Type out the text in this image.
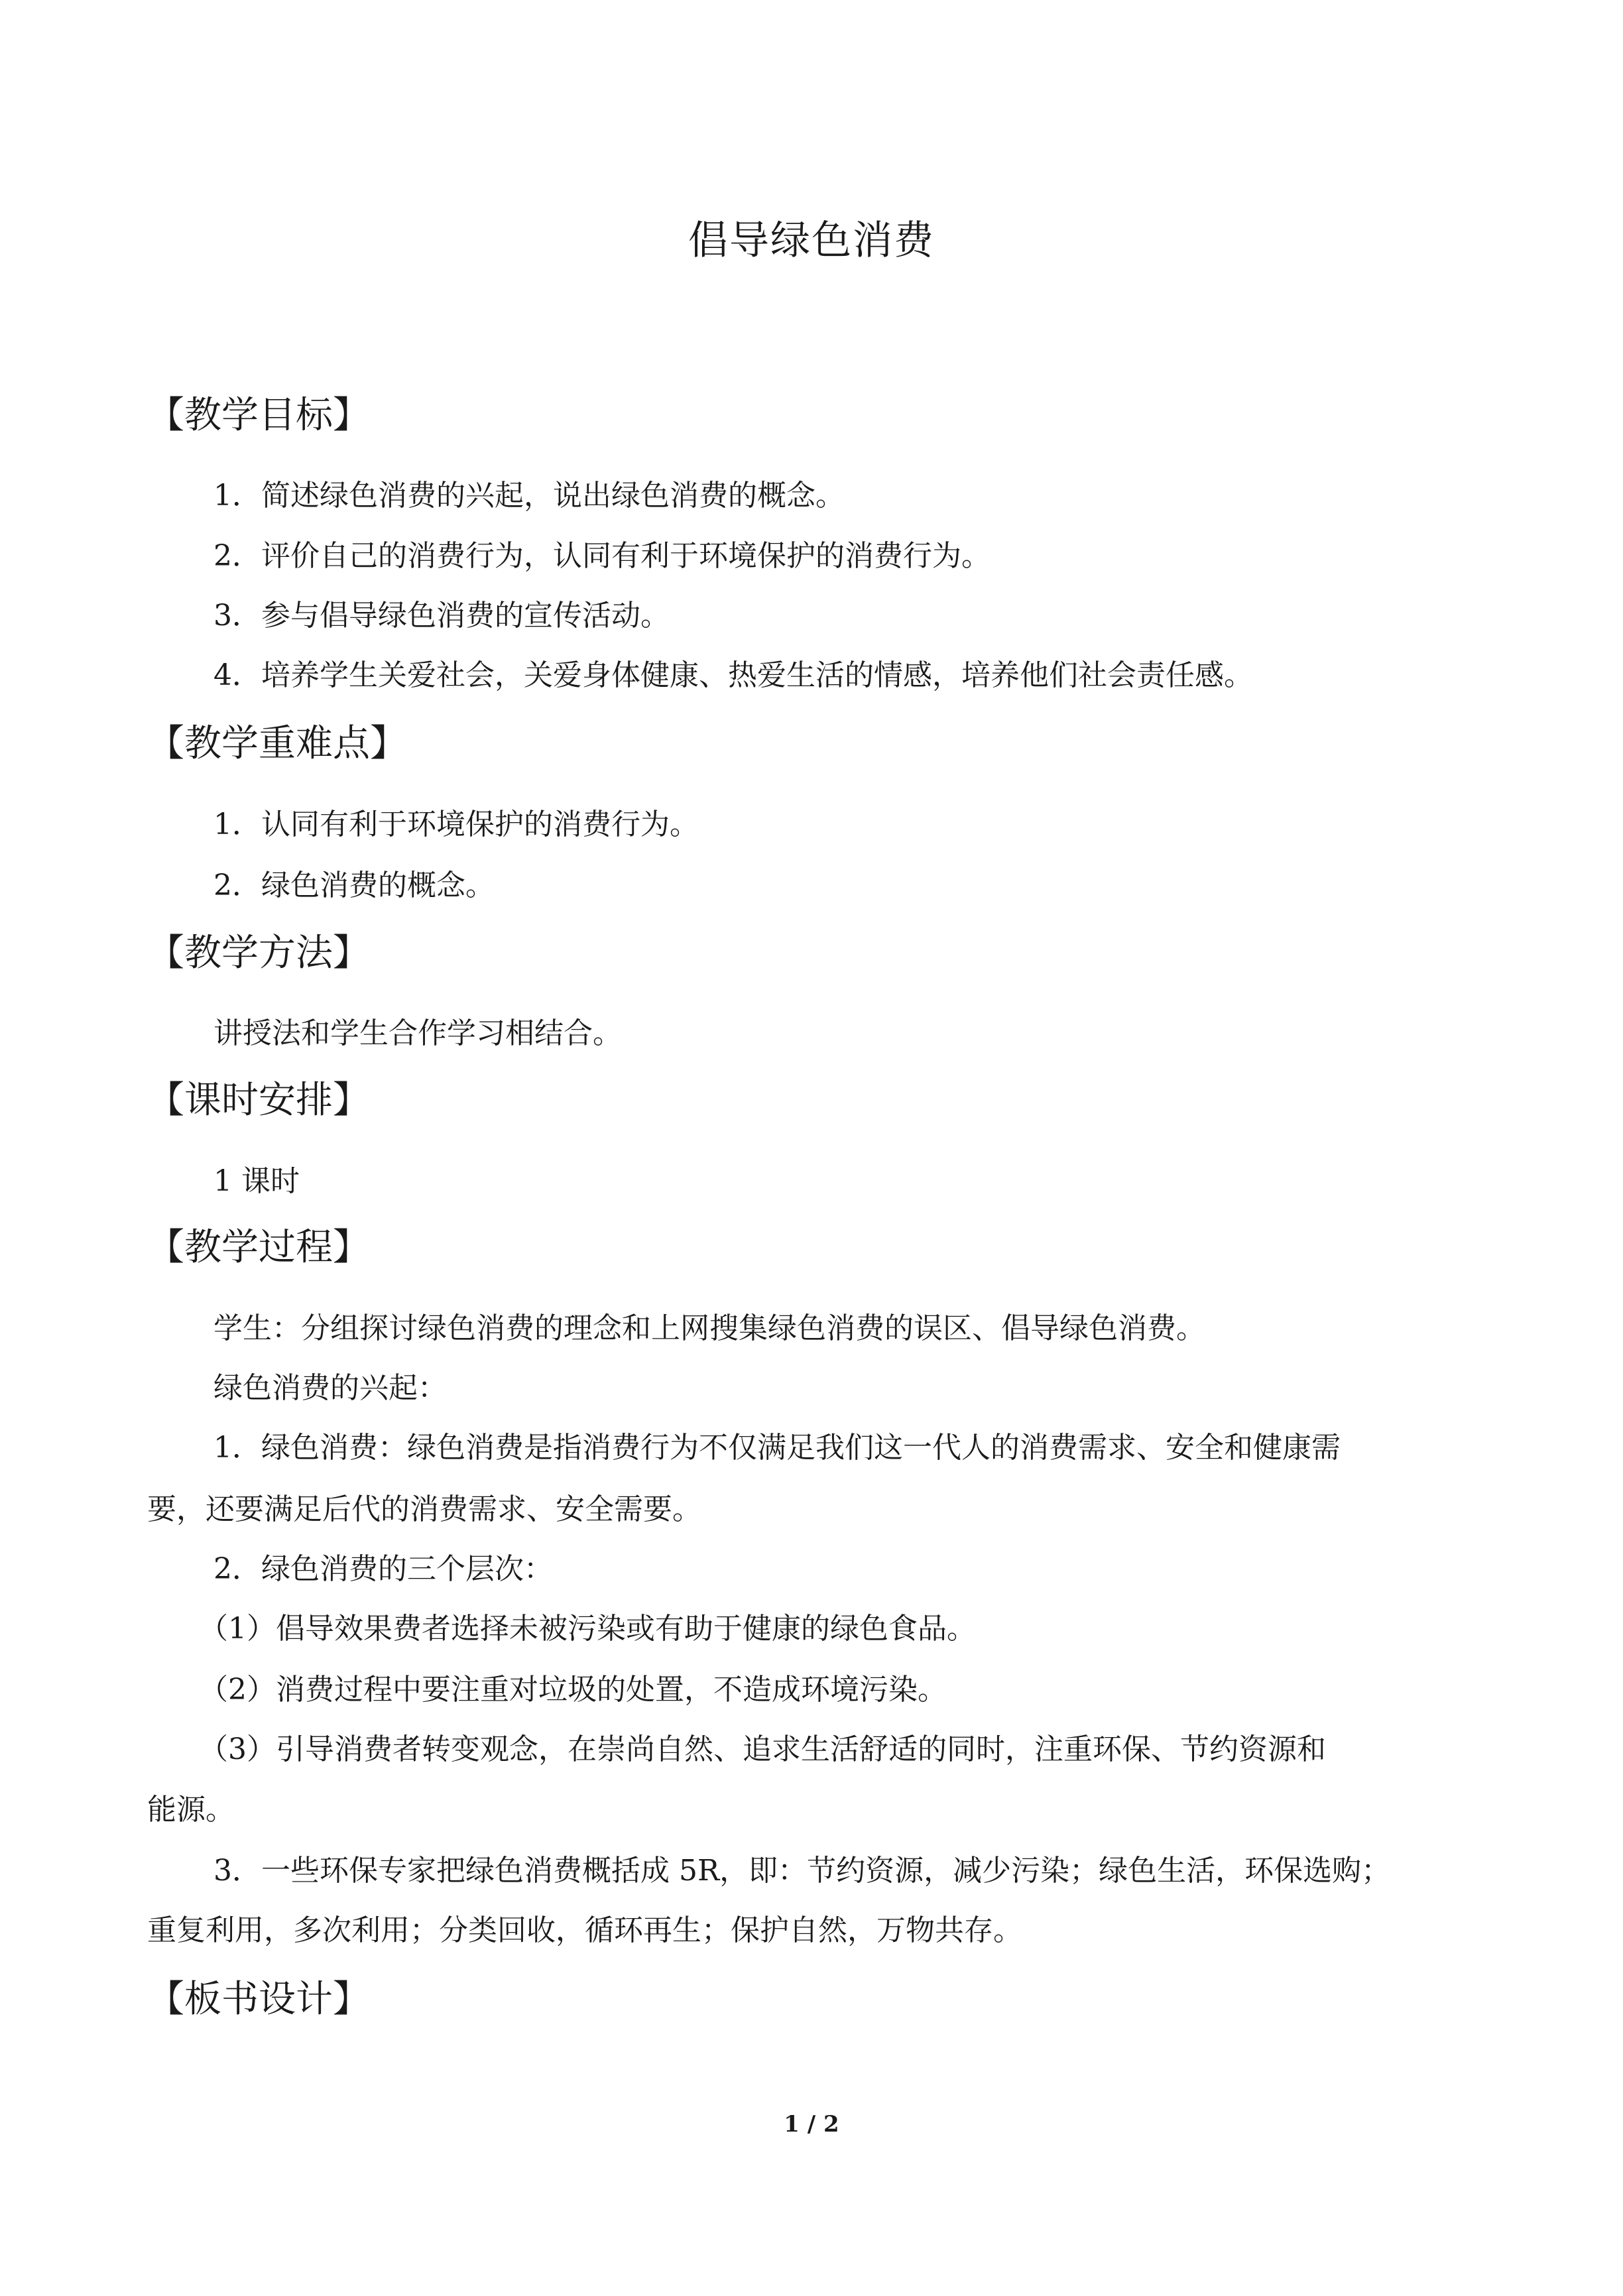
倡导绿色消费
【教学目标】
1．简述绿色消费的兴起，说出绿色消费的概念。
2．评价自己的消费行为，认同有利于环境保护的消费行为。
3．参与倡导绿色消费的宣传活动。
4．培养学生关爱社会，关爱身体健康、热爱生活的情感，培养他们社会责任感。
【教学重难点】
1．认同有利于环境保护的消费行为。
2．绿色消费的概念。
【教学方法】
讲授法和学生合作学习相结合。
【课时安排】
1 课时
【教学过程】
学生：分组探讨绿色消费的理念和上网搜集绿色消费的误区、倡导绿色消费。
绿色消费的兴起：
1．绿色消费：绿色消费是指消费行为不仅满足我们这一代人的消费需求、安全和健康需
要，还要满足后代的消费需求、安全需要。
2．绿色消费的三个层次：
（1）倡导效果费者选择未被污染或有助于健康的绿色食品。
（2）消费过程中要注重对垃圾的处置，不造成环境污染。
（3）引导消费者转变观念，在崇尚自然、追求生活舒适的同时，注重环保、节约资源和
能源。
3．一些环保专家把绿色消费概括成 5R，即：节约资源，减少污染；绿色生活，环保选购；
重复利用，多次利用；分类回收，循环再生；保护自然，万物共存。
【板书设计】
1 / 2
